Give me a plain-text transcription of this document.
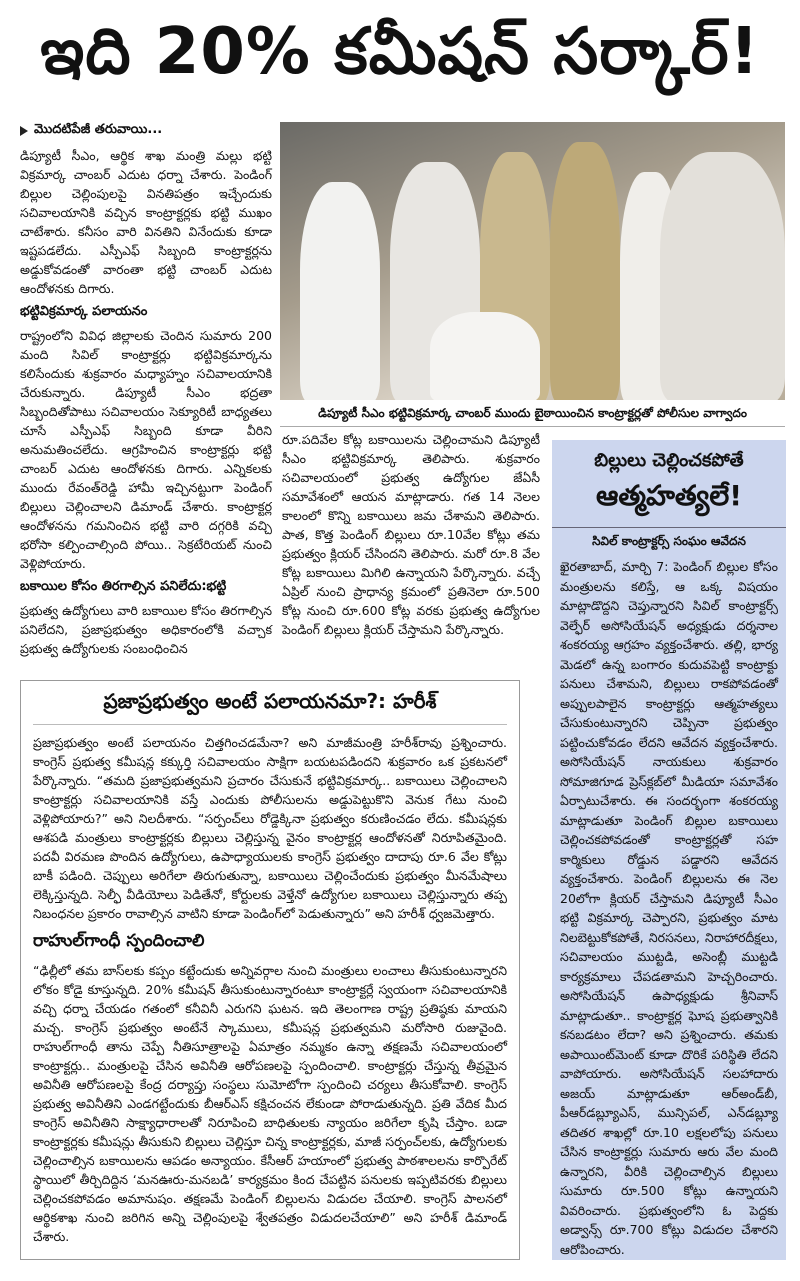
ఇది 20% కమీషన్ సర్కార్!
మొదటిపేజీ తరువాయి...

డిప్యూటీ సీఎం, ఆర్థిక శాఖ మంత్రి మల్లు భట్టి విక్రమార్క చాంబర్ ఎదుట ధర్నా చేశారు. పెండింగ్ బిల్లుల చెల్లింపులపై వినతిపత్రం ఇచ్చేందుకు సచివాలయానికి వచ్చిన కాంట్రాక్టర్లకు భట్టి ముఖం చాటేశారు. కనీసం వారి వినతిని వినేందుకు కూడా ఇష్టపడలేదు. ఎస్పీఎఫ్ సిబ్బంది కాంట్రాక్టర్లను అడ్డుకోవడంతో వారంతా భట్టి చాంబర్ ఎదుట ఆందోళనకు దిగారు.

భట్టివిక్రమార్క పలాయనం

రాష్ట్రంలోని వివిధ జిల్లాలకు చెందిన సుమారు 200 మంది సివిల్ కాంట్రాక్టర్లు భట్టివిక్రమార్కను కలిసేందుకు శుక్రవారం మధ్యాహ్నం సచివాలయానికి చేరుకున్నారు. డిప్యూటీ సీఎం భద్రతా సిబ్బందితోపాటు సచివాలయం సెక్యూరిటీ బాధ్యతలు చూసే ఎస్పీఎఫ్ సిబ్బంది కూడా వీరిని అనుమతించలేదు. ఆగ్రహించిన కాంట్రాక్టర్లు భట్టి చాంబర్ ఎదుట ఆందోళనకు దిగారు. ఎన్నికలకు ముందు రేవంత్‌రెడ్డి హామీ ఇచ్చినట్టుగా పెండింగ్ బిల్లులు చెల్లించాలని డిమాండ్ చేశారు. కాంట్రాక్టర్ల ఆందోళనను గమనించిన భట్టి వారి దగ్గరికి వచ్చి భరోసా కల్పించాల్సింది పోయి.. సెక్రటేరియట్ నుంచి వెళ్లిపోయారు.

బకాయిల కోసం తిరగాల్సిన పనిలేదు:భట్టి

ప్రభుత్వ ఉద్యోగులు వారి బకాయిల కోసం తిరగాల్సిన పనిలేదని, ప్రజాప్రభుత్వం అధికారంలోకి వచ్చాక ప్రభుత్వ ఉద్యోగులకు సంబంధించిన

డిప్యూటీ సీఎం భట్టివిక్రమార్క చాంబర్ ముందు బైఠాయించిన కాంట్రాక్టర్లతో పోలీసుల వాగ్వాదం

రూ.పదివేల కోట్ల బకాయిలను చెల్లించామని డిప్యూటీ సీఎం భట్టివిక్రమార్క తెలిపారు. శుక్రవారం సచివాలయంలో ప్రభుత్వ ఉద్యోగుల జేఏసీ సమావేశంలో ఆయన మాట్లాడారు. గత 14 నెలల కాలంలో కొన్ని బకాయిలు జమ చేశామని తెలిపారు. పాత, కొత్త పెండింగ్ బిల్లులు రూ.10వేల కోట్లు తమ ప్రభుత్వం క్లియర్ చేసిందని తెలిపారు. మరో రూ.8 వేల కోట్ల బకాయిలు మిగిలి ఉన్నాయని పేర్కొన్నారు. వచ్చే ఏప్రిల్ నుంచి ప్రాధాన్య క్రమంలో ప్రతినెలా రూ.500 కోట్ల నుంచి రూ.600 కోట్ల వరకు ప్రభుత్వ ఉద్యోగుల పెండింగ్ బిల్లులు క్లియర్ చేస్తామని పేర్కొన్నారు.

బిల్లులు చెల్లించకపోతే
ఆత్మహత్యలే!
సివిల్ కాంట్రాక్టర్స్ సంఘం ఆవేదన

ఖైరతాబాద్, మార్చి 7: పెండింగ్ బిల్లుల కోసం మంత్రులను కలిస్తే, ఆ ఒక్క విషయం మాట్లాడొద్దని చెప్తున్నారని సివిల్ కాంట్రాక్టర్స్ వెల్ఫేర్ అసోసియేషన్ అధ్యక్షుడు దర్శనాల శంకరయ్య ఆగ్రహం వ్యక్తంచేశారు. తల్లి, భార్య మెడలో ఉన్న బంగారం కుదువపెట్టి కాంట్రాక్టు పనులు చేశామని, బిల్లులు రాకపోవడంతో అప్పులపాలైన కాంట్రాక్టర్లు ఆత్మహత్యలు చేసుకుంటున్నారని చెప్పినా ప్రభుత్వం పట్టించుకోవడం లేదని ఆవేదన వ్యక్తంచేశారు. అసోసియేషన్ నాయకులు శుక్రవారం సోమాజిగూడ ప్రెస్‌క్లబ్‌లో మీడియా సమావేశం ఏర్పాటుచేశారు. ఈ సందర్భంగా శంకరయ్య మాట్లాడుతూ పెండింగ్ బిల్లుల బకాయిలు చెల్లించకపోవడంతో కాంట్రాక్టర్లతో సహ కార్మికులు రోడ్డున పడ్డారని ఆవేదన వ్యక్తంచేశారు. పెండింగ్ బిల్లులను ఈ నెల 20లోగా క్లియర్ చేస్తామని డిప్యూటీ సీఎం భట్టి విక్రమార్క చెప్పారని, ప్రభుత్వం మాట నిలబెట్టుకోకపోతే, నిరసనలు, నిరాహారదీక్షలు, సచివాలయం ముట్టడి, అసెంబ్లీ ముట్టడి కార్యక్రమాలు చేపడతామని హెచ్చరించారు. అసోసియేషన్ ఉపాధ్యక్షుడు శ్రీనివాస్ మాట్లాడుతూ.. కాంట్రాక్టర్ల ఘోష ప్రభుత్వానికి కనబడటం లేదా? అని ప్రశ్నించారు. తమకు అపాయింట్‌మెంట్ కూడా దొరికే పరిస్థితి లేదని వాపోయారు. అసోసియేషన్ సలహాదారు అజయ్ మాట్లాడుతూ ఆర్‌అండ్‌బీ, పీఆర్‌డబ్ల్యూఎస్, మున్సిపల్, ఎన్‌డబ్ల్యూ తదితర శాఖల్లో రూ.10 లక్షలలోపు పనులు చేసిన కాంట్రాక్టర్లు సుమారు ఆరు వేల మంది ఉన్నారని, వీరికి చెల్లించాల్సిన బిల్లులు సుమారు రూ.500 కోట్లు ఉన్నాయని వివరించారు. ప్రభుత్వంలోని ఓ పెద్దకు అడ్వాన్స్ రూ.700 కోట్లు విడుదల చేశారని ఆరోపించారు.

ప్రజాప్రభుత్వం అంటే పలాయనమా?: హరీశ్

ప్రజాప్రభుత్వం అంటే పలాయనం చిత్తగించడమేనా? అని మాజీమంత్రి హరీశ్‌రావు ప్రశ్నించారు. కాంగ్రెస్ ప్రభుత్వ కమీషన్ల కక్కుర్తి సచివాలయం సాక్షిగా బయటపడిందని శుక్రవారం ఒక ప్రకటనలో పేర్కొన్నారు. “తమది ప్రజాప్రభుత్వమని ప్రచారం చేసుకునే భట్టివిక్రమార్క.. బకాయిలు చెల్లించాలని కాంట్రాక్టర్లు సచివాలయానికి వస్తే ఎందుకు పోలీసులను అడ్డుపెట్టుకొని వెనుక గేటు నుంచి వెళ్లిపోయారు?” అని నిలదీశారు. “సర్పంచ్‌లు రోడ్డెక్కినా ప్రభుత్వం కరుణించడం లేదు. కమీషన్లకు ఆశపడి మంత్రులు కాంట్రాక్టర్లకు బిల్లులు చెల్లిస్తున్న వైనం కాంట్రాక్టర్ల ఆందోళనతో నిరూపితమైంది. పదవీ విరమణ పొందిన ఉద్యోగులు, ఉపాధ్యాయులకు కాంగ్రెస్ ప్రభుత్వం దాదాపు రూ.6 వేల కోట్లు బాకీ పడింది. చెప్పులు అరిగేలా తిరుగుతున్నా, బకాయిలు చెల్లించేందుకు ప్రభుత్వం మీనమేషాలు లెక్కిస్తున్నది. సెల్ఫీ వీడియోలు పెడితేనో, కోర్టులకు వెళ్తేనో ఉద్యోగుల బకాయిలు చెల్లిస్తున్నారు తప్ప నిబంధనల ప్రకారం రావాల్సిన వాటిని కూడా పెండింగ్‌లో పెడుతున్నారు” అని హరీశ్ ధ్వజమెత్తారు.

రాహుల్‌గాంధీ స్పందించాలి

“ఢిల్లీలో తమ బాస్‌లకు కప్పం కట్టేందుకు అన్నివర్గాల నుంచి మంత్రులు లంచాలు తీసుకుంటున్నారని లోకం కోడై కూస్తున్నది. 20% కమీషన్ తీసుకుంటున్నారంటూ కాంట్రాక్టర్లే స్వయంగా సచివాలయానికి వచ్చి ధర్నా చేయడం గతంలో కనీవినీ ఎరుగని ఘటన. ఇది తెలంగాణ రాష్ట్ర ప్రతిష్ఠకు మాయని మచ్చ. కాంగ్రెస్ ప్రభుత్వం అంటేనే స్కాములు, కమీషన్ల ప్రభుత్వమని మరోసారి రుజువైంది. రాహుల్‌గాంధీ తాను చెప్పే నీతిసూత్రాలపై ఏమాత్రం నమ్మకం ఉన్నా తక్షణమే సచివాలయంలో కాంట్రాక్టర్లు.. మంత్రులపై చేసిన అవినీతి ఆరోపణలపై స్పందించాలి. కాంట్రాక్టర్లు చేస్తున్న తీవ్రమైన అవినీతి ఆరోపణలపై కేంద్ర దర్యాప్తు సంస్థలు సుమోటోగా స్పందించి చర్యలు తీసుకోవాలి. కాంగ్రెస్ ప్రభుత్వ అవినీతిని ఎండగట్టేందుకు బీఆర్ఎస్ కక్షిచంచన లేకుండా పోరాడుతున్నది. ప్రతి వేదిక మీద కాంగ్రెస్ అవినీతిని సాక్ష్యాధారాలతో నిరూపించి బాధితులకు న్యాయం జరిగేలా కృషి చేస్తాం. బడా కాంట్రాక్టర్లకు కమీషన్లు తీసుకుని బిల్లులు చెల్లిస్తూ చిన్న కాంట్రాక్టర్లకు, మాజీ సర్పంచ్‌లకు, ఉద్యోగులకు చెల్లించాల్సిన బకాయిలను ఆపడం అన్యాయం. కేసీఆర్ హయాంలో ప్రభుత్వ పాఠశాలలను కార్పొరేట్ స్థాయిలో తీర్చిదిద్దిన ‘మనఊరు-మనబడి’ కార్యక్రమం కింద చేపట్టిన పనులకు ఇప్పటివరకు బిల్లులు చెల్లించకపోవడం అమానుషం. తక్షణమే పెండింగ్ బిల్లులను విడుదల చేయాలి. కాంగ్రెస్ పాలనలో ఆర్థికశాఖ నుంచి జరిగిన అన్ని చెల్లింపులపై శ్వేతపత్రం విడుదలచేయాలి” అని హరీశ్ డిమాండ్ చేశారు.
